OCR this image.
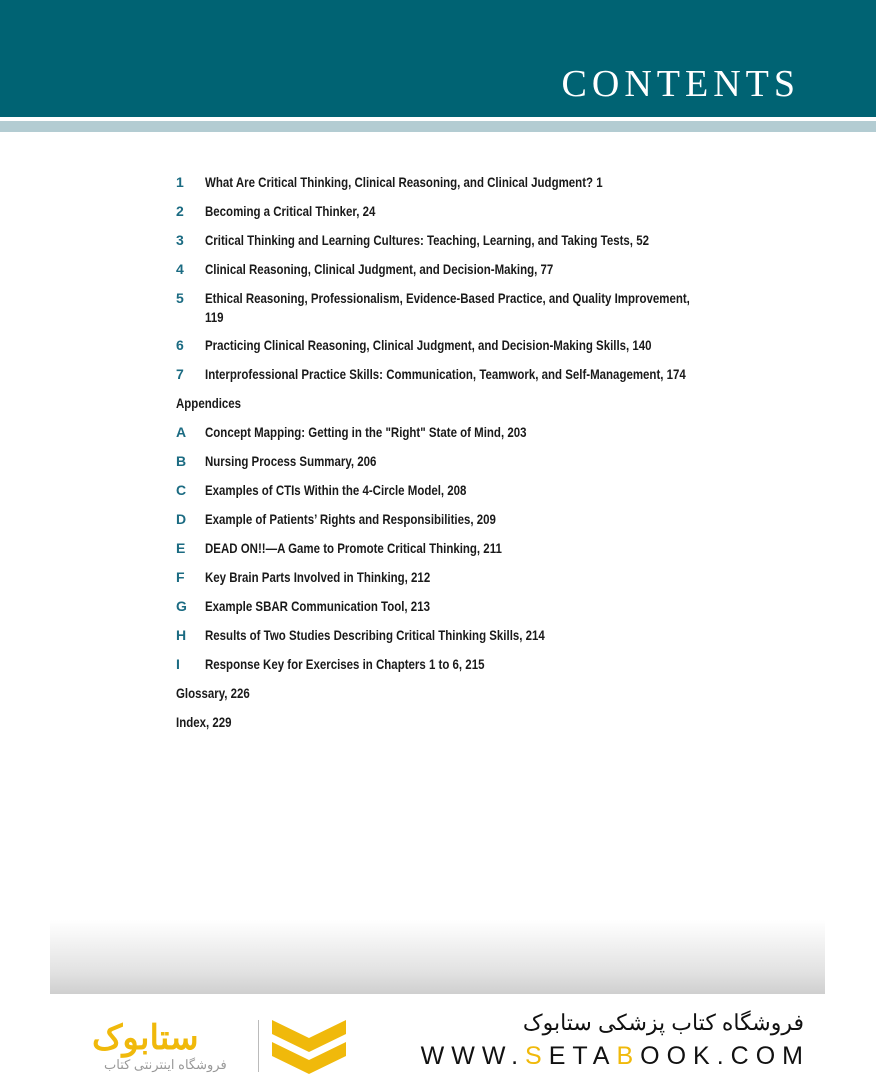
CONTENTS
1 What Are Critical Thinking, Clinical Reasoning, and Clinical Judgment? 1
2 Becoming a Critical Thinker, 24
3 Critical Thinking and Learning Cultures: Teaching, Learning, and Taking Tests, 52
4 Clinical Reasoning, Clinical Judgment, and Decision-Making, 77
5 Ethical Reasoning, Professionalism, Evidence-Based Practice, and Quality Improvement, 119
6 Practicing Clinical Reasoning, Clinical Judgment, and Decision-Making Skills, 140
7 Interprofessional Practice Skills: Communication, Teamwork, and Self-Management, 174
Appendices
A Concept Mapping: Getting in the "Right" State of Mind, 203
B Nursing Process Summary, 206
C Examples of CTIs Within the 4-Circle Model, 208
D Example of Patients’ Rights and Responsibilities, 209
E DEAD ON!!—A Game to Promote Critical Thinking, 211
F Key Brain Parts Involved in Thinking, 212
G Example SBAR Communication Tool, 213
H Results of Two Studies Describing Critical Thinking Skills, 214
I Response Key for Exercises in Chapters 1 to 6, 215
Glossary, 226
Index, 229
ستابوک
فروشگاه اینترنتی کتاب
فروشگاه کتاب پزشکی ستابوک
WWW.SETABOOK.COM
